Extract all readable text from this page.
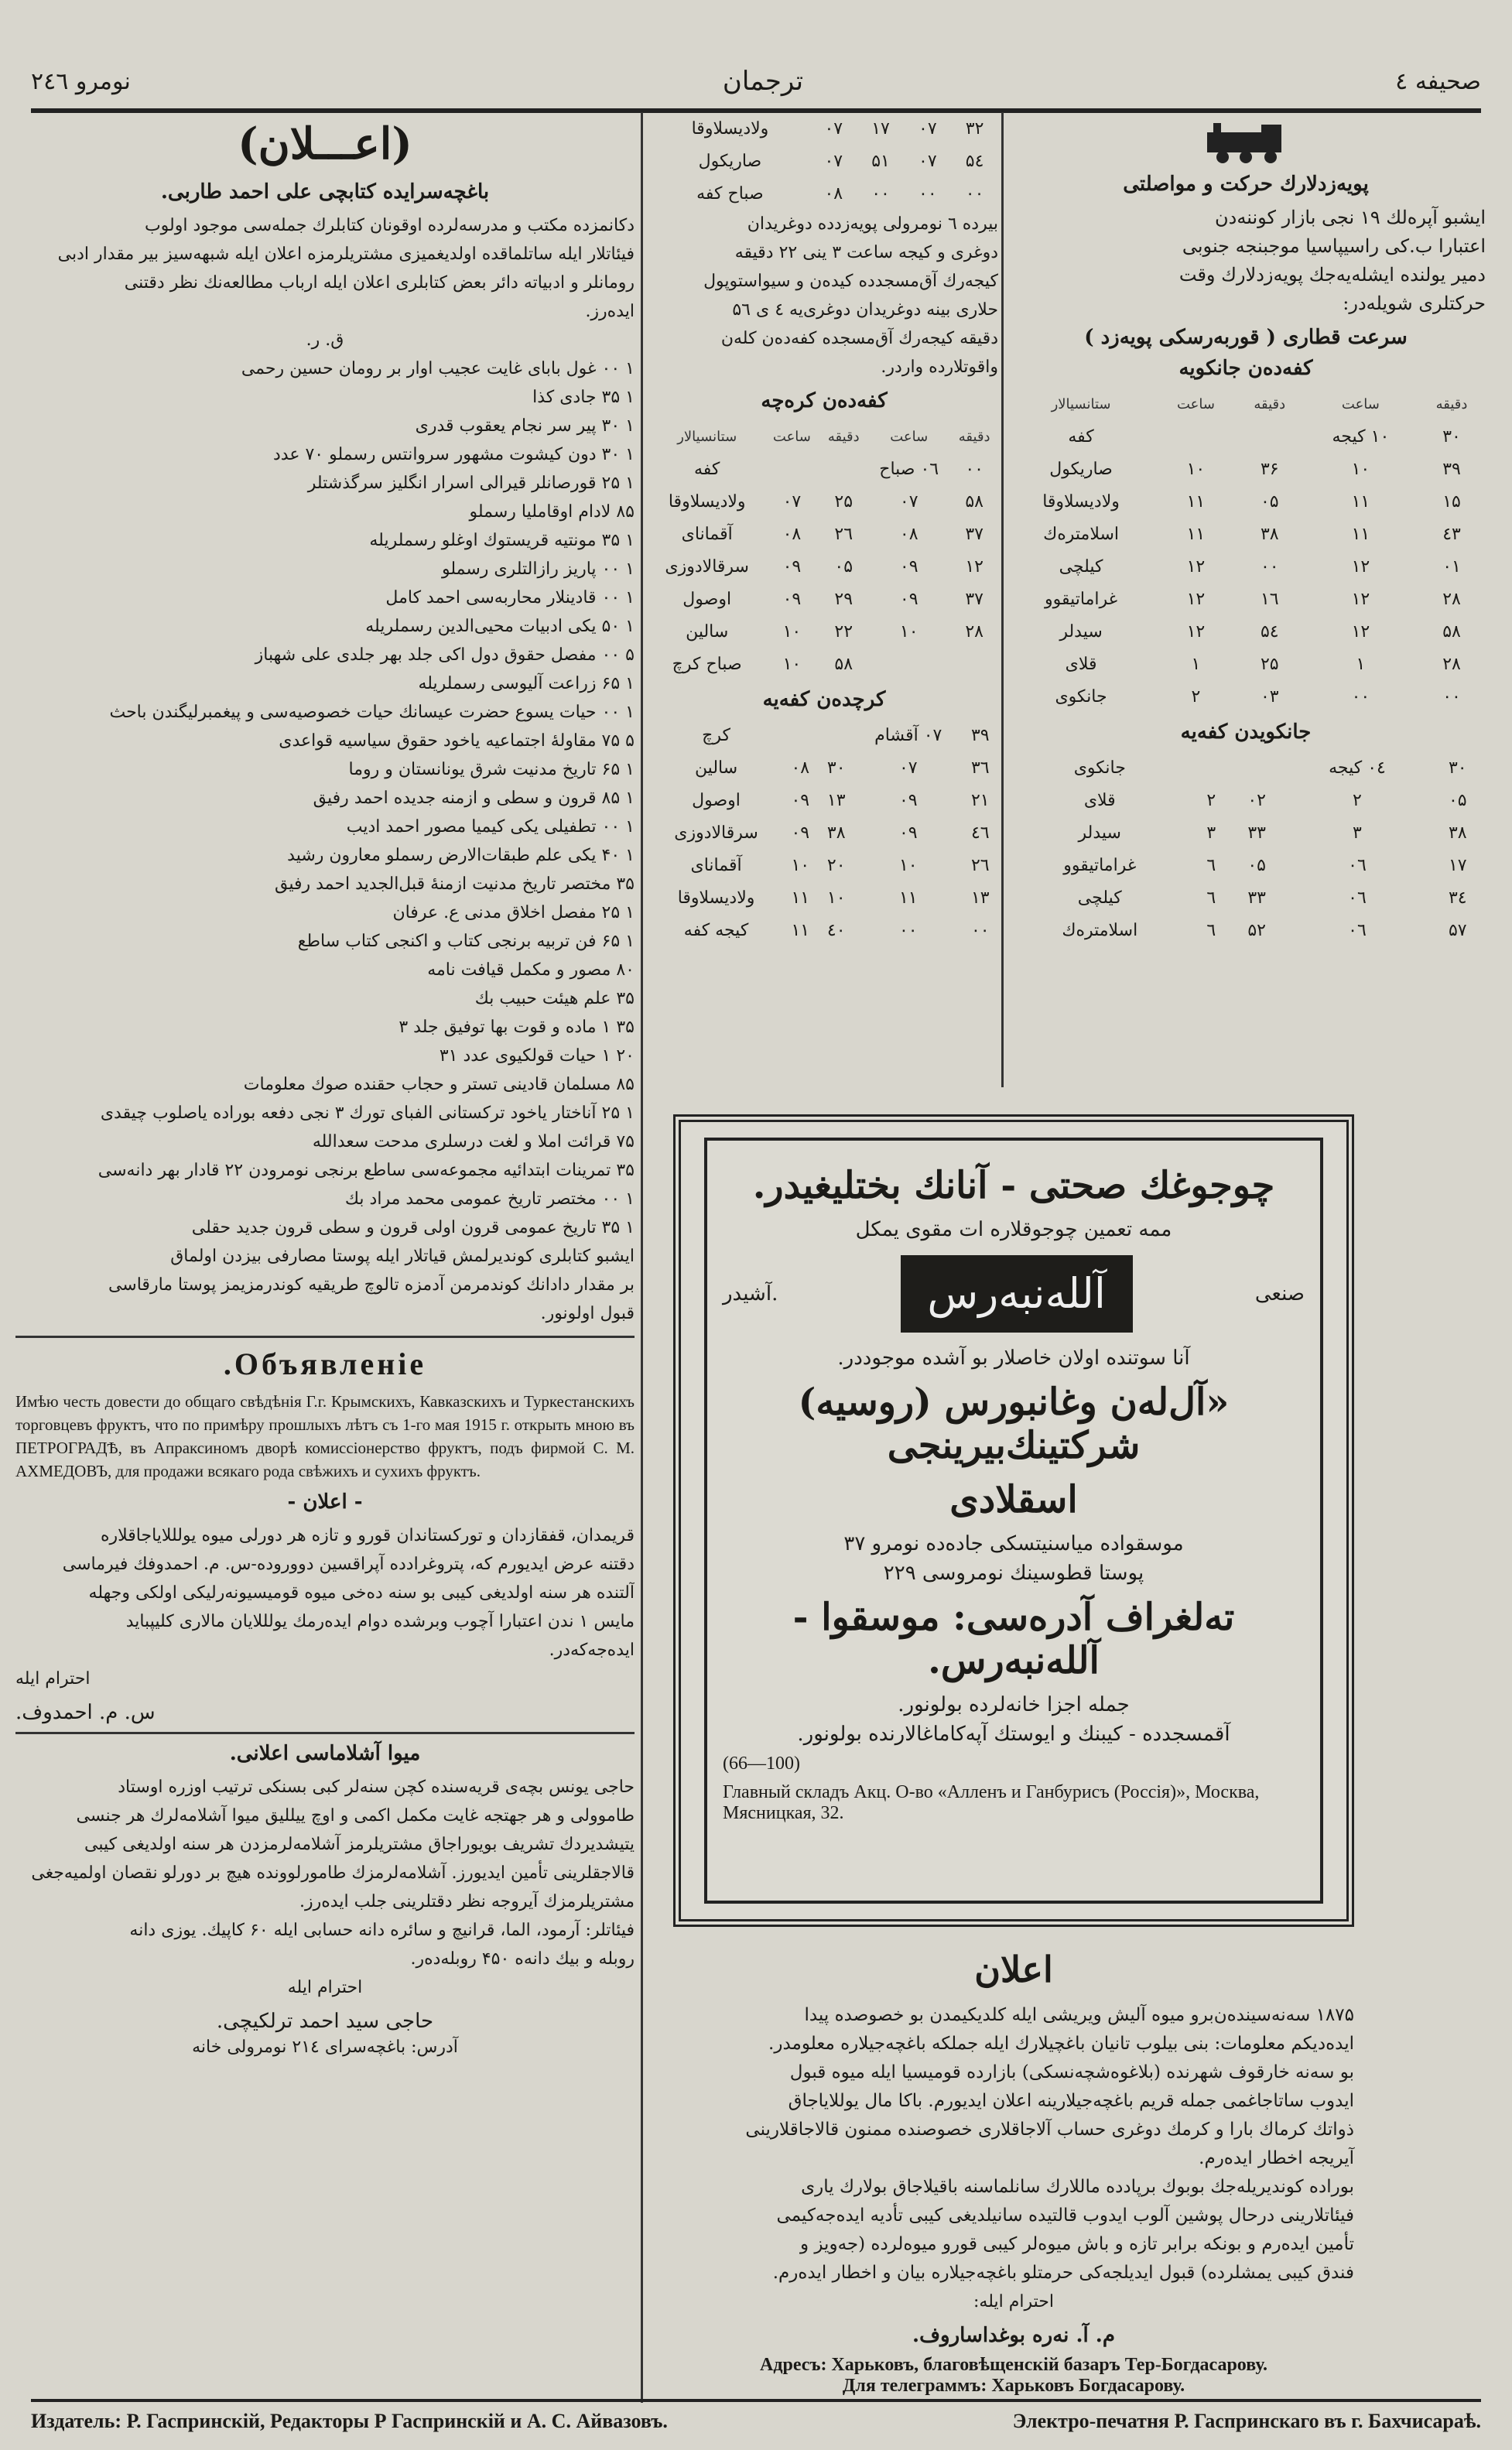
نومرو ۲٤٦	ترجمان	صحیفه ٤
(اعـــلان)
باغچه‌سرایده کتابچی علی احمد طاربی.
دکانمزده مکتب و مدرسه‌لرده اوقونان کتابلرك جمله‌سی موجود اولوب
فیئاتلار ایله ساتلماقده اولدیغمیزی مشتریلرمزه اعلان ایله شبهه‌سیز بیر مقدار ادبی
رومانلر و ادبیاته دائر بعض کتابلری اعلان ایله ارباب مطالعه‌نك نظر دقتنی
ایدەرز.
ق. ر.
۱ ۰۰ غول بابای غایت عجیب اوار بر رومان حسین رحمی
۱ ۳۵ جادی کذا
۱ ۳۰ پیر سر نجام یعقوب قدری
۱ ۳۰ دون کیشوت مشهور سروانتس رسملو ۷۰ عدد
۱ ۲۵ قورصانلر قیرالی اسرار انگلیز سرگذشتلر
۸۵ لادام اوقاملیا رسملو
۱ ۳۵ مونتیه قریستوك اوغلو رسملریله
۱ ۰۰ پاریز رازالتلری رسملو
۱ ۰۰ قادینلار محاربه‌سی احمد کامل
۱ ۵۰ یکی ادبیات محیی‌الدین رسملریله
۵ ۰۰ مفصل حقوق دول اکی جلد بهر جلدی علی شهباز
۱ ۶۵ زراعت آلیوسی رسملریله
۱ ۰۰ حیات یسوع حضرت عیسانك حیات خصوصیه‌سی و پیغمبرلیگندن باحث
۵ ۷۵ مقاولهٔ اجتماعیه یاخود حقوق سیاسیه قواعدی
۱ ۶۵ تاریخ مدنیت شرق یونانستان و روما
۱ ۸۵ قرون و سطی و ازمنه جدیده احمد رفیق
۱ ۰۰ تطفیلی یکی کیمیا مصور احمد ادیب
۱ ۴۰ یکی علم طبقات‌الارض رسملو معارون رشید
۳۵ مختصر تاریخ مدنیت ازمنهٔ قبل‌الجدید احمد رفیق
۱ ۲۵ مفصل اخلاق مدنی ع. عرفان
۱ ۶۵ فن تربیه برنجی کتاب و اکنجی کتاب ساطع
۸۰ مصور و مکمل قیافت نامه
۳۵ علم هیئت حبیب بك
۳۵ ۱ ماده و قوت بها توفیق جلد ۳
۲۰ ۱ حیات قولکیوی عدد ۳۱
۸۵ مسلمان قادینی تستر و حجاب حقنده صوك معلومات
۱ ۲۵ آناختار یاخود ترکستانی الفبای تورك ۳ نجی دفعه بوراده یاصلوب چیقدی
۷۵ قرائت املا و لغت درسلری مدحت سعدالله
۳۵ تمرینات ابتدائیه مجموعه‌سی ساطع برنجی نومرودن ۲۲ قادار بهر دانه‌سی
۱ ۰۰ مختصر تاریخ عمومی محمد مراد بك
۱ ۳۵ تاریخ عمومی قرون اولی قرون و سطی قرون جدید حقلی
ایشبو کتابلری کوندیرلمش قیاتلار ایله پوستا مصارفی بیزدن اولماق
بر مقدار دادانك کوندمرمن آدمزه تالوچ طریقیه کوندرمزیمز پوستا مارقاسی
قبول اولونور.
Объявленіе.
Имѣю честь довести до общаго свѣдѣнія Г.г. Крымскихъ, Кавказскихъ и Туркестанскихъ торговцевъ фруктъ, что по примѣру прошлыхъ лѣтъ съ 1-го мая 1915 г. открыть мною въ ПЕТРОГРАДѢ, въ Апраксиномъ дворѣ комиссіонерство фруктъ, подъ фирмой С. М. АХМЕДОВЪ, для продажи всякаго рода свѣжихъ и сухихъ фруктъ.
- اعلان -
قریمدان، قفقازدان و تورکستاندان قورو و تازه هر دورلی میوه یولللایاجاقلاره
دقتنه عرض ایدیورم که، پتروغرادده آپراقسین دووروده-س. م. احمدوفك فیرماسی
آلتنده هر سنه اولدیغی کیبی بو سنه ده‌خی میوه قومیسیونه‌رلیکی اولکی وجهله
مایس ۱ ندن اعتبارا آچوب وبرشده دوام ایدەرمك یولللایان مالاری کلیپباید
ایده‌جه‌که‌در.
احترام ایله
س. م. احمدوف.
میوا آشلاماسی اعلانی.
حاجی یونس بچه‌ی قریه‌سنده کچن سنه‌لر کبی بسنکی ترتیب اوزره اوستاد
طاموولی و هر جهتجه غایت مکمل اکمی و اوچ ییللیق میوا آشلامه‌لرك هر جنسی
یتیشدیردك تشریف بویوراجاق مشتریلرمز آشلامه‌لرمزدن هر سنه اولدیغی کیبی
قالاجقلرینی تأمین ایدیورز. آشلامه‌لرمزك طامورلوونده هیچ بر دورلو نقصان اولمیه‌جغی
مشتریلرمزك آیروجه نظر دقتلرینی جلب ایدەرز.
فیئاتلر: آرمود، الما، قرانیچ و سائره دانه حسابی ایله ۶۰ کاپیك. یوزی دانه
روبله و بیك دانه‌ه ۴۵۰ روبله‌ده‌ر.
احترام ایله
حاجی سید احمد ترلکیچی.
آدرس: باغچه‌سرای ۲۱٤ نومرولی خانه
پویەزدلارك حرکت و مواصلتی
ایشبو آپره‌لك ۱۹ نجی بازار کوننه‌دن
اعتبارا ب.کی راسیپاسیا موجبنجه جنوبی
دمیر یولنده ایشله‌یه‌جك پویەزدلارك وقت
حرکتلری شویله‌در:
سرعت قطاری ( قوربه‌رسکی پویەزد )
کفه‌ده‌ن جانکویه
دقیقه	ساعت	دقیقه	ساعت	ستانسیالار
۳۰	۱۰ کیجه			کفه
۳۹	۱۰	۳۶	۱۰	صاریکول
۱۵	۱۱	۰۵	۱۱	ولادیسلاوقا
٤۳	۱۱	۳۸	۱۱	اسلامتره‌ك
۰۱	۱۲	۰۰	۱۲	کیلچی
۲۸	۱۲	۱٦	۱۲	غراماتیقوو
۵۸	۱۲	۵٤	۱۲	سیدلر
۲۸	۱	۲۵	۱	قلای
۰۰	۰۰	۰۳	۲	جانکوی
جانکویدن کفه‌یه
۳۰	۰٤ کیجه			جانکوی
۰۵	۲	۰۲	۲	قلای
۳۸	۳	۳۳	۳	سیدلر
۱۷	۰٦	۰۵	٦	غراماتیقوو
۳٤	۰٦	۳۳	٦	کیلچی
۵۷	۰٦	۵۲	٦	اسلامتره‌ك
۳۲	۰۷	۱۷	۰۷	ولادیسلاوقا
۵٤	۰۷	۵۱	۰۷	صاریکول
۰۰	۰۰	۰۰	۰۸	صباح کفه
بیرده ٦ نومرولی پویەزدده دوغریدان
دوغری و کیجه ساعت ۳ ینی ۲۲ دقیقه
کیجه‌رك آق‌مسجدده کیده‌ن و سیواستوپول
حلاری بینه دوغریدان دوغری‌یه ٤ ی ۵٦
دقیقه کیجه‌رك آق‌مسجده کفه‌ده‌ن کله‌ن
واقوتلارده واردر.
کفه‌ده‌ن کره‌چه
دقیقه	ساعت	دقیقه	ساعت	ستانسیالار
۰۰	۰٦ صباح			کفه
۵۸	۰۷	۲۵	۰۷	ولادیسلاوقا
۳۷	۰۸	۲٦	۰۸	آقمانای
۱۲	۰۹	۰۵	۰۹	سرقالادوزی
۳۷	۰۹	۲۹	۰۹	اوصول
۲۸	۱۰	۲۲	۱۰	سالین
		۵۸	۱۰	صباح کرچ
کرچده‌ن کفه‌یه
۳۹	۰۷ آقشام			کرچ
۳٦	۰۷	۳۰	۰۸	سالین
۲۱	۰۹	۱۳	۰۹	اوصول
٤٦	۰۹	۳۸	۰۹	سرقالادوزی
۲٦	۱۰	۲۰	۱۰	آقمانای
۱۳	۱۱	۱۰	۱۱	ولادیسلاوقا
۰۰	۰۰	٤۰	۱۱	کیجه کفه
چوجوغك صحتی - آنانك بختلیغیدر.
ممه تعمین چوجوقلاره ات مقوی یمکل
آشیدر.	آلله‌نبه‌رس	صنعی
آنا سوتنده اولان خاصلار بو آشده موجوددر.
«آل‌له‌ن وغانبورس (روسیه) شرکتینك‌بیرینجی
اسقلادی
موسقواده میاسنیتسکی جاده‌ده نومرو ۳۷
پوستا قطوسینك نومروسی ۲۲۹
ته‌لغراف آدره‌سی: موسقوا - آلله‌نبه‌رس.
جمله اجزا خانه‌لرده بولونور.
آقمسجدده - کیبنك و ایوستك آپه‌کاماغالارنده بولونور.
(66—100)
Главный складъ Акц. О-во «Алленъ и Ганбурисъ (Россія)», Москва, Мясницкая, 32.
اعلان
۱۸۷۵ سه‌نه‌سینده‌ن‌برو میوه آلیش ویریشی ایله کلدیکیمدن بو خصوصده پیدا
ایده‌دیکم معلومات: بنی بیلوب تانیان باغچیلارك ایله جملکه باغچه‌جیلاره معلومدر.
بو سه‌نه خارقوف شهرنده (بلاغوه‌شچه‌نسکی) بازارده قومیسیا ایله میوه قبول
ایدوب ساتاجاغمی جمله قریم باغچه‌جیلارینه اعلان ایدیورم. باکا مال یوللایاجاق
ذواتك کرماك بارا و کرمك دوغری حساب آلاجاقلاری خصوصنده ممنون قالاجاقلارینی
آیریجه اخطار ایده‌رم.
بوراده کوندیریله‌جك بوبوك برپادده ماللارك سانلماسنه باقیلاجاق بولارك یاری
فیئاتلارینی درحال پوشین آلوب ایدوب قالتیده سانیلدیغی کیبی تأدیه ایده‌جه‌کیمی
تأمین ایده‌رم و بونکه برابر تازه و باش میوه‌لر کیبی قورو میوه‌لرده (جه‌ویز و
فندق کیبی یمشلرده) قبول ایدیلجه‌کی حرمتلو باغچه‌جیلاره بیان و اخطار ایده‌رم.
احترام ایله:
م. آ. نه‌ره بوغداساروف.
Адресъ: Харьковъ, благовѣщенскій базаръ Тер-Богдасарову.
Для телеграммъ: Харьковъ Богдасарову.
Издатель: Р. Гаспринскій, Редакторы Р Гаспринскій и А. С. Айвазовъ.	Электро-печатня Р. Гаспринскаго въ г. Бахчисараѣ.
